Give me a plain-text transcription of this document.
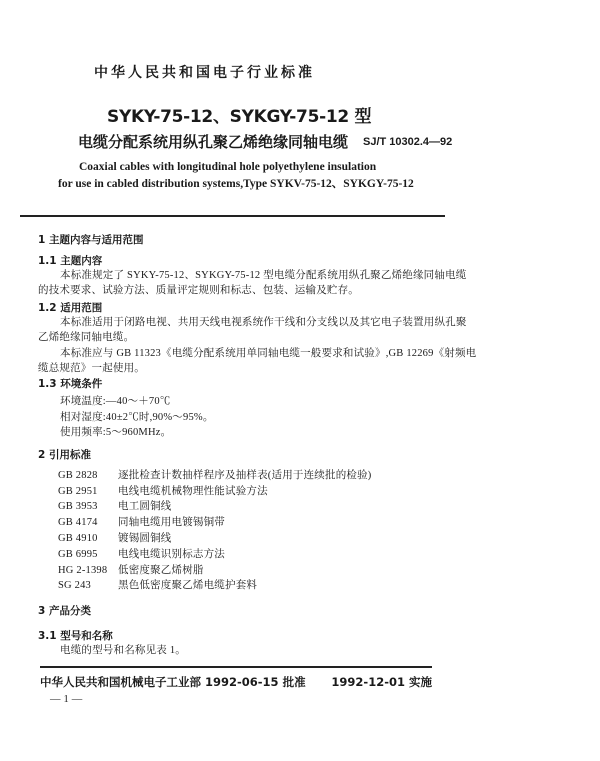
中华人民共和国电子行业标准
SYKY-75-12、SYKGY-75-12 型
电缆分配系统用纵孔聚乙烯绝缘同轴电缆 SJ/T 10302.4—92
Coaxial cables with longitudinal hole polyethylene insulation
for use in cabled distribution systems,Type SYKV-75-12、SYKGY-75-12
1 主题内容与适用范围
1.1 主题内容
本标准规定了 SYKY-75-12、SYKGY-75-12 型电缆分配系统用纵孔聚乙烯绝缘同轴电缆
的技术要求、试验方法、质量评定规则和标志、包装、运输及贮存。
1.2 适用范围
本标准适用于闭路电视、共用天线电视系统作干线和分支线以及其它电子装置用纵孔聚
乙烯绝缘同轴电缆。
本标准应与 GB 11323《电缆分配系统用单同轴电缆一般要求和试验》,GB 12269《射频电
缆总规范》一起使用。
1.3 环境条件
环境温度:—40～＋70℃
相对湿度:40±2℃时,90%～95%。
使用频率:5～960MHz。
2 引用标准
GB 2828 逐批检查计数抽样程序及抽样表(适用于连续批的检验)
GB 2951 电线电缆机械物理性能试验方法
GB 3953 电工圆铜线
GB 4174 同轴电缆用电镀锡铜带
GB 4910 镀锡圆铜线
GB 6995 电线电缆识别标志方法
HG 2-1398 低密度聚乙烯树脂
SG 243	黑色低密度聚乙烯电缆护套料
3 产品分类
3.1 型号和名称
电缆的型号和名称见表 1。
中华人民共和国机械电子工业部 1992-06-15 批准 1992-12-01 实施
— 1 —
